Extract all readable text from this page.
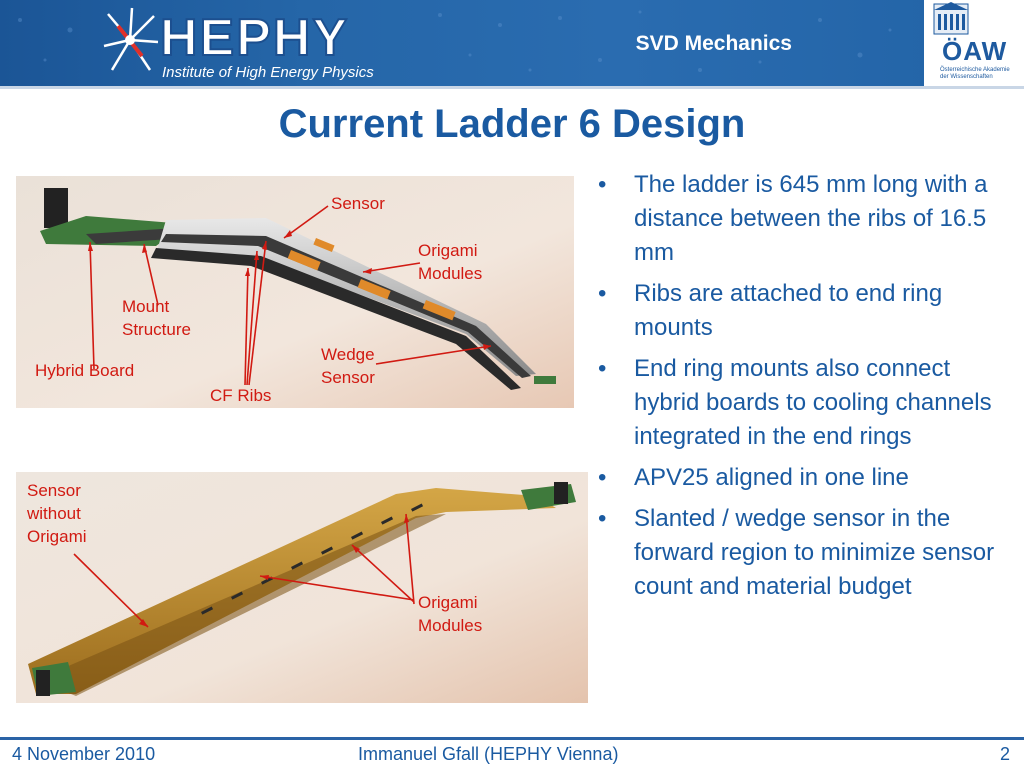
HEPHY
Institute of High Energy Physics
SVD Mechanics	ÖAW
Österreichische Akademie
der Wissenschaften
Current Ladder 6 Design
Sensor
Origami
Modules
Mount
Structure
Hybrid Board
Wedge
Sensor
CF Ribs
Sensor
without
Origami
Origami
Modules
• The ladder is 645 mm long with a distance between the ribs of 16.5 mm
• Ribs are attached to end ring mounts
• End ring mounts also connect hybrid boards to cooling channels integrated in the end rings
• APV25 aligned in one line
• Slanted / wedge sensor in the forward region to minimize sensor count and material budget
4 November 2010	Immanuel Gfall (HEPHY Vienna)	2
